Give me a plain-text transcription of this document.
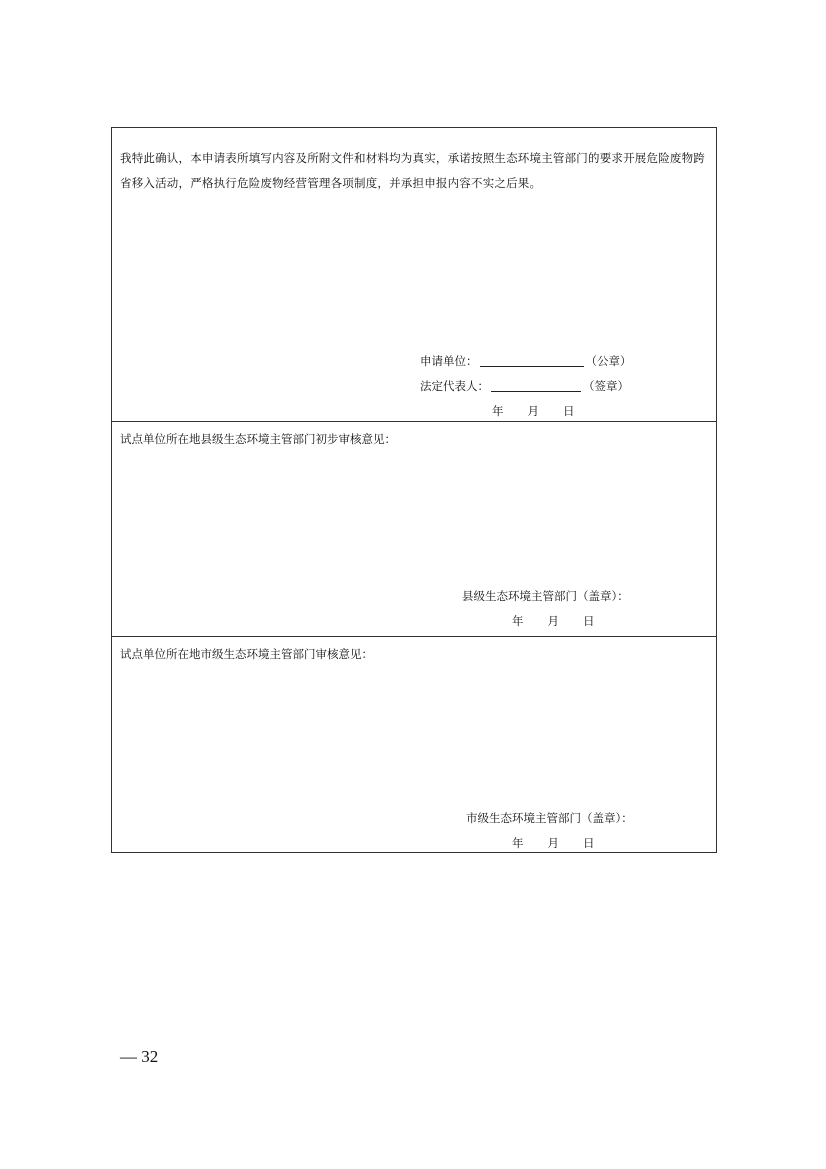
我特此确认，本申请表所填写内容及所附文件和材料均为真实，承诺按照生态环境主管部门的要求开展危险废物跨省移入活动，严格执行危险废物经营管理各项制度，并承担申报内容不实之后果。
申请单位：	（公章）
法定代表人：	（签章）
年 月 日
试点单位所在地县级生态环境主管部门初步审核意见：
县级生态环境主管部门（盖章）：
年 月 日
试点单位所在地市级生态环境主管部门审核意见：
市级生态环境主管部门（盖章）：
年 月 日
— 32
